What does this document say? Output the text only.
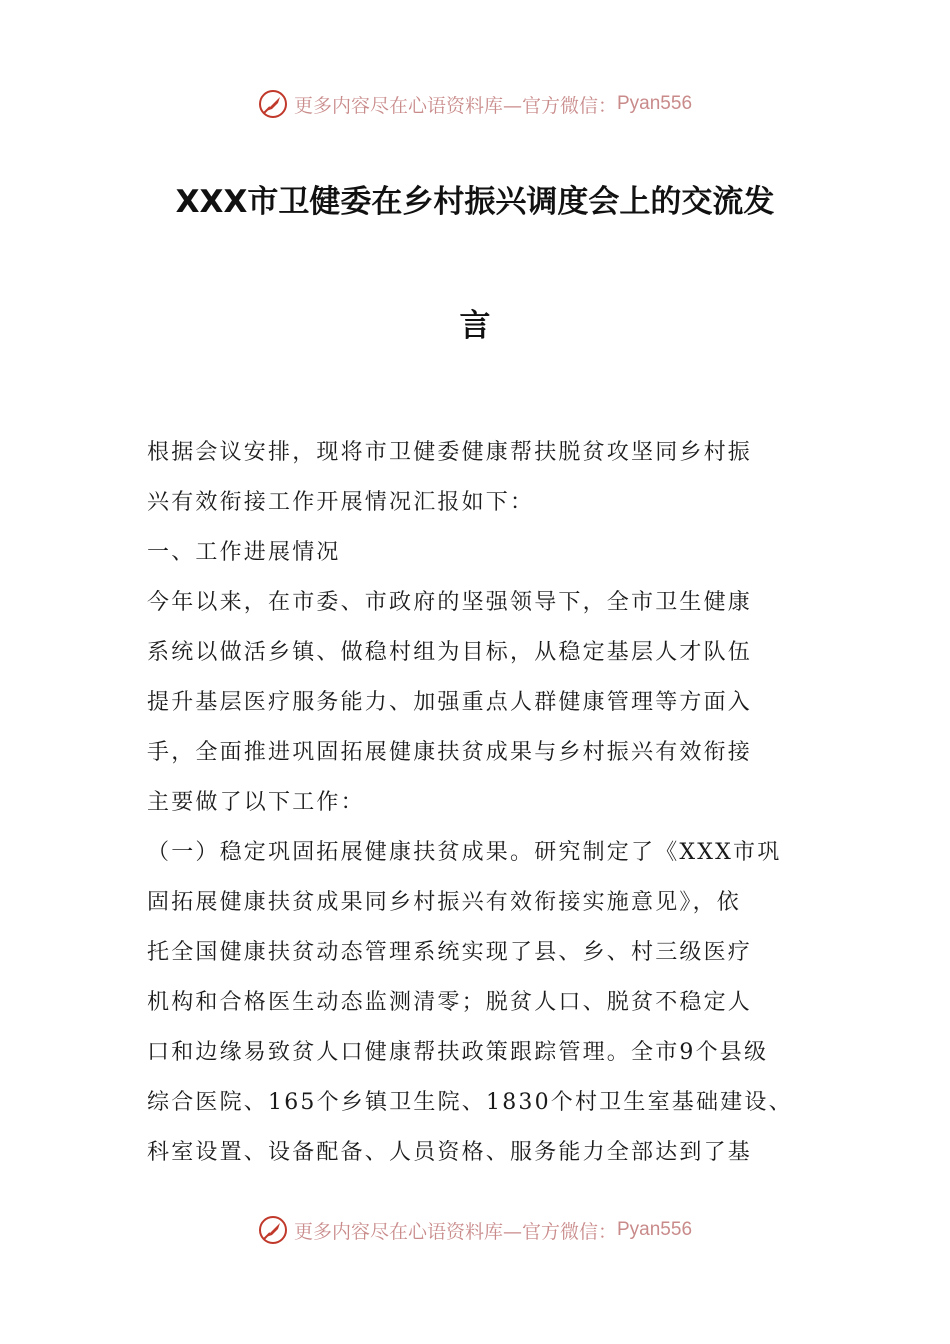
更多内容尽在心语资料库—官方微信： Pyan556
XXX市卫健委在乡村振兴调度会上的交流发
言
根据会议安排，现将市卫健委健康帮扶脱贫攻坚同乡村振
兴有效衔接工作开展情况汇报如下：
一、工作进展情况
今年以来，在市委、市政府的坚强领导下，全市卫生健康
系统以做活乡镇、做稳村组为目标，从稳定基层人才队伍
提升基层医疗服务能力、加强重点人群健康管理等方面入
手，全面推进巩固拓展健康扶贫成果与乡村振兴有效衔接
主要做了以下工作：
（一）稳定巩固拓展健康扶贫成果。研究制定了《XXX市巩
固拓展健康扶贫成果同乡村振兴有效衔接实施意见》，依
托全国健康扶贫动态管理系统实现了县、乡、村三级医疗
机构和合格医生动态监测清零；脱贫人口、脱贫不稳定人
口和边缘易致贫人口健康帮扶政策跟踪管理。全市9个县级
综合医院、165个乡镇卫生院、1830个村卫生室基础建设、
科室设置、设备配备、人员资格、服务能力全部达到了基
更多内容尽在心语资料库—官方微信： Pyan556
